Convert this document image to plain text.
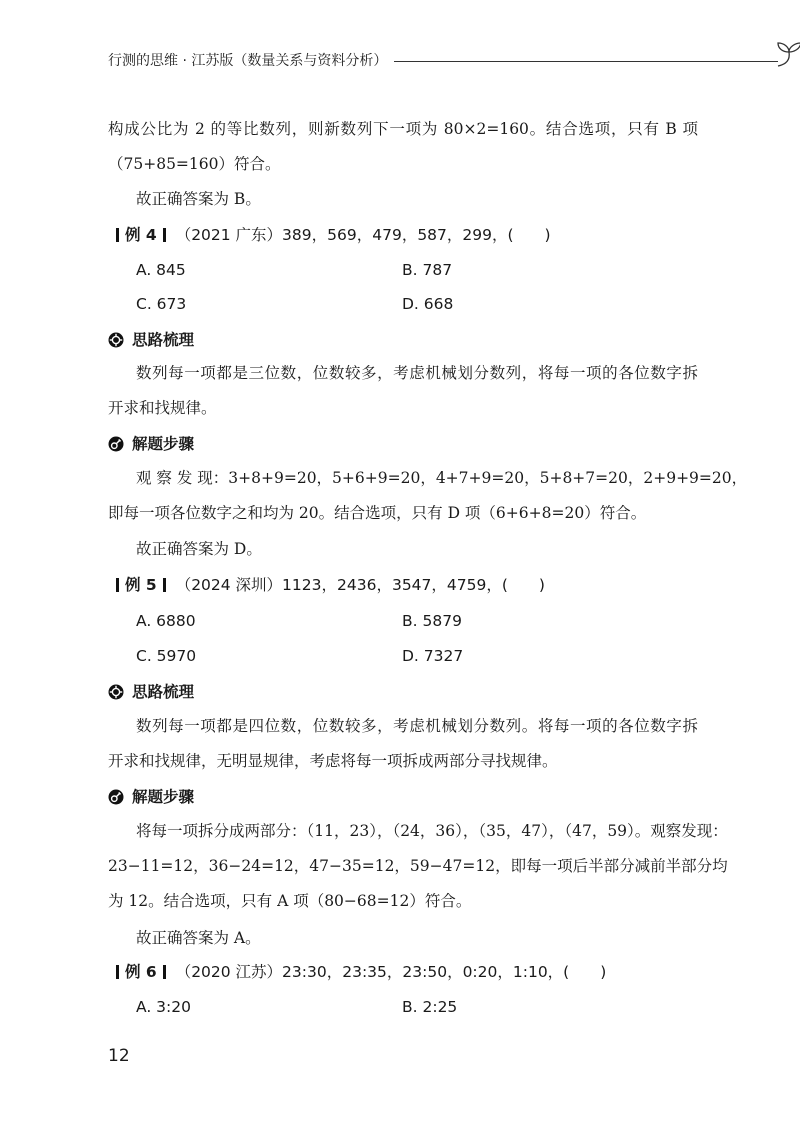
行测的思维 · 江苏版（数量关系与资料分析）
构成公比为 2 的等比数列，则新数列下一项为 80×2=160。结合选项，只有 B 项
（75+85=160）符合。
故正确答案为 B。
例 4 （2021 广东）389，569，479，587，299，(　　)
A. 845	B. 787
C. 673	D. 668
思路梳理
数列每一项都是三位数，位数较多，考虑机械划分数列，将每一项的各位数字拆
开求和找规律。
解题步骤
观 察 发 现：3+8+9=20，5+6+9=20，4+7+9=20，5+8+7=20，2+9+9=20，
即每一项各位数字之和均为 20。结合选项，只有 D 项（6+6+8=20）符合。
故正确答案为 D。
例 5 （2024 深圳）1123，2436，3547，4759，(　　)
A. 6880	B. 5879
C. 5970	D. 7327
思路梳理
数列每一项都是四位数，位数较多，考虑机械划分数列。将每一项的各位数字拆
开求和找规律，无明显规律，考虑将每一项拆成两部分寻找规律。
解题步骤
将每一项拆分成两部分：（11，23），（24，36），（35，47），（47，59）。观察发现：
23−11=12，36−24=12，47−35=12，59−47=12，即每一项后半部分减前半部分均
为 12。结合选项，只有 A 项（80−68=12）符合。
故正确答案为 A。
例 6 （2020 江苏）23:30，23:35，23:50，0:20，1:10，(　　)
A. 3:20	B. 2:25
12
